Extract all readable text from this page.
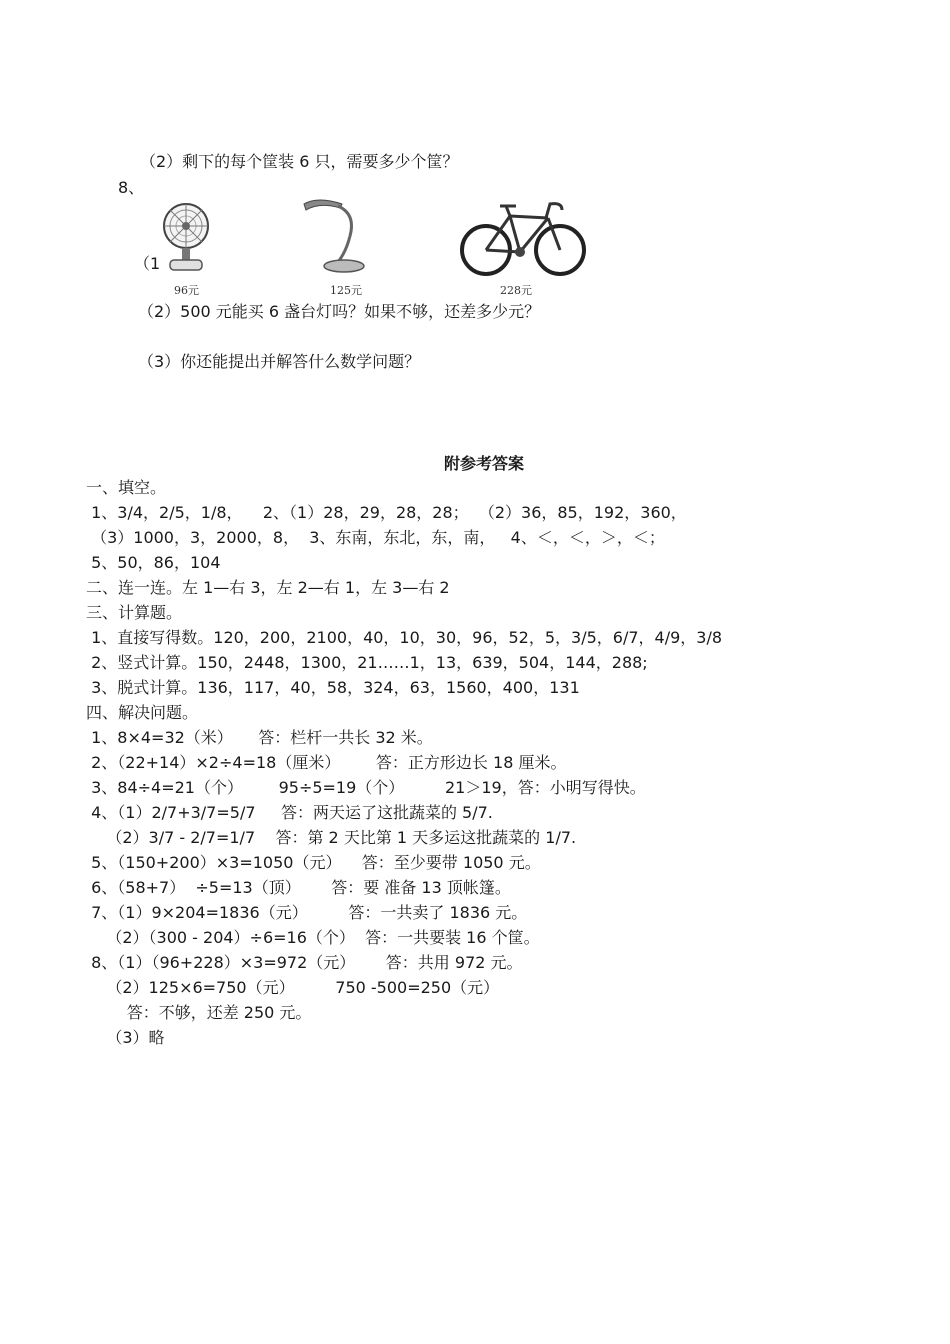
（2）剩下的每个筐装 6 只，需要多少个筐？
8、
（1
96元	125元	228元
（2）500 元能买 6 盏台灯吗？如果不够，还差多少元？
（3）你还能提出并解答什么数学问题？
附参考答案
一、填空。
1、3/4，2/5，1/8，    2、（1）28，29，28，28；  （2）36，85，192，360，
（3）1000，3，2000，8，  3、东南，东北，东，南，   4、＜，＜，＞，＜；
5、50，86，104
二、连一连。左 1—右 3，左 2—右 1，左 3—右 2
三、计算题。
1、直接写得数。120，200，2100，40，10，30，96，52，5，3/5，6/7，4/9，3/8
2、竖式计算。150，2448，1300，21……1，13，639，504，144，288;
3、脱式计算。136，117，40，58，324，63，1560，400，131
四、解决问题。
1、8×4=32（米）     答：栏杆一共长 32 米。
2、（22+14）×2÷4=18（厘米）       答：正方形边长 18 厘米。
3、84÷4=21（个）       95÷5=19（个）        21＞19，答：小明写得快。
4、（1）2/7+3/7=5/7     答：两天运了这批蔬菜的 5/7.
（2）3/7 - 2/7=1/7    答：第 2 天比第 1 天多运这批蔬菜的 1/7.
5、（150+200）×3=1050（元）    答：至少要带 1050 元。
6、（58+7）  ÷5=13（顶）      答：要 准备 13 顶帐篷。
7、（1）9×204=1836（元）        答：一共卖了 1836 元。
（2）（300 - 204）÷6=16（个）  答：一共要装 16 个筐。
8、（1）（96+228）×3=972（元）      答：共用 972 元。
（2）125×6=750（元）        750 -500=250（元）
答：不够，还差 250 元。
（3）略
